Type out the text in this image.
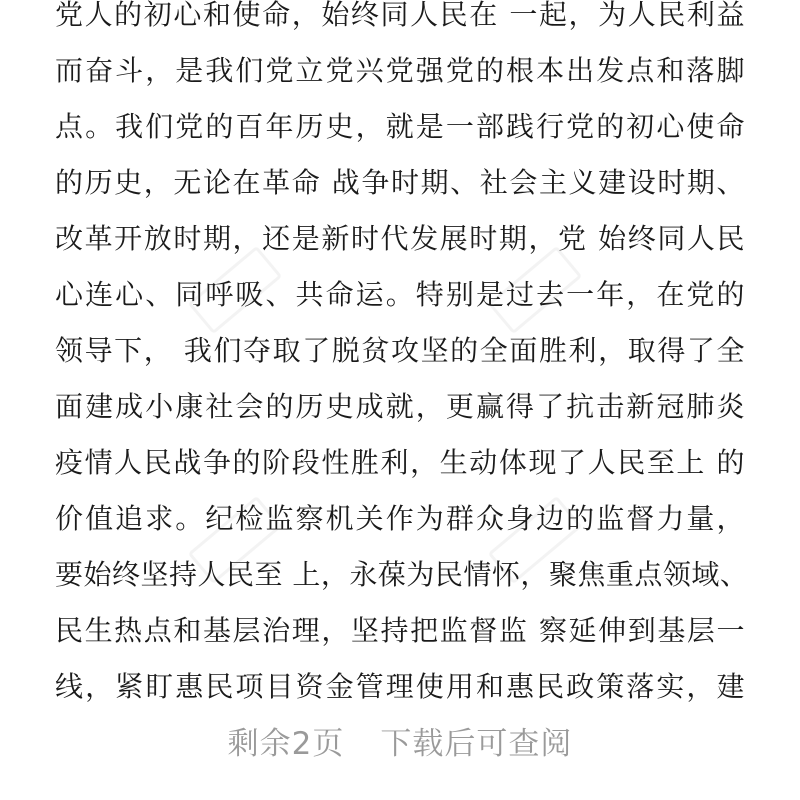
党人的初心和使命，始终同人民在 一起，为人民利益
而奋斗，是我们党立党兴党强党的根本出发点和落脚
点。我们党的百年历史，就是一部践行党的初心使命
的历史，无论在革命 战争时期、社会主义建设时期、
改革开放时期，还是新时代发展时期，党 始终同人民
心连心、同呼吸、共命运。特别是过去一年，在党的
领导下， 我们夺取了脱贫攻坚的全面胜利，取得了全
面建成小康社会的历史成就，更赢得了抗击新冠肺炎
疫情人民战争的阶段性胜利，生动体现了人民至上 的
价值追求。纪检监察机关作为群众身边的监督力量，
要始终坚持人民至 上，永葆为民情怀，聚焦重点领域、
民生热点和基层治理，坚持把监督监 察延伸到基层一
线，紧盯惠民项目资金管理使用和惠民政策落实，建
剩余2页 下载后可查阅
